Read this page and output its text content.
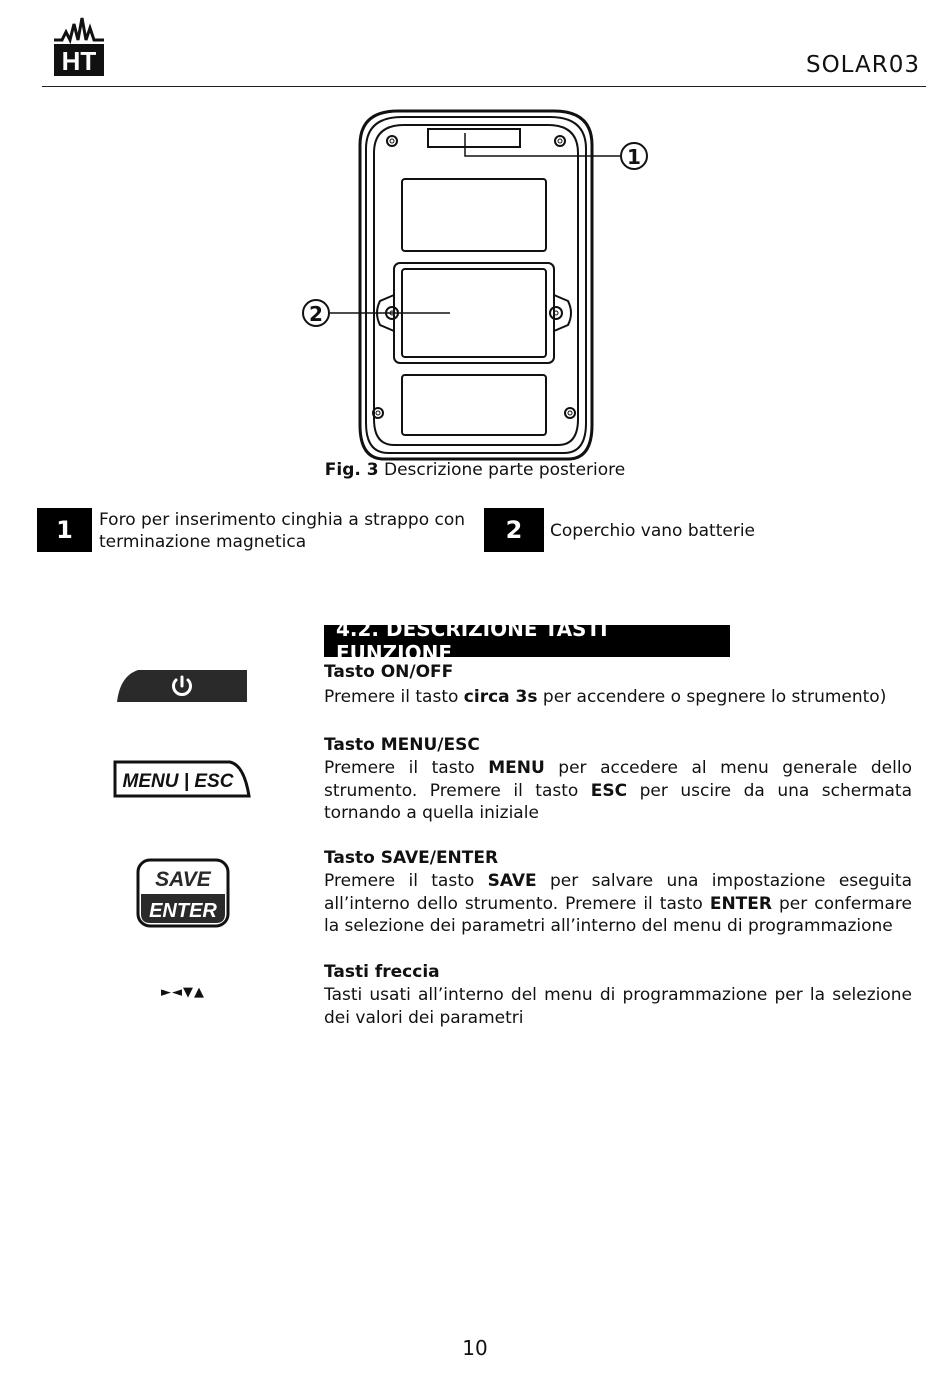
HT	SOLAR03
1
2
Fig. 3 Descrizione parte posteriore
1	Foro per inserimento cinghia a strappo con terminazione magnetica	2	Coperchio vano batterie
4.2. DESCRIZIONE TASTI FUNZIONE
MENU | ESC
SAVE
ENTER
►◄▼▲
Tasto ON/OFF
Premere il tasto circa 3s per accendere o spegnere lo strumento)
Tasto MENU/ESC
Premere il tasto MENU per accedere al menu generale dello strumento. Premere il tasto ESC per uscire da una schermata tornando a quella iniziale
Tasto SAVE/ENTER
Premere il tasto SAVE per salvare una impostazione eseguita all’interno dello strumento. Premere il tasto ENTER per confermare la selezione dei parametri all’interno del menu di programmazione
Tasti freccia
Tasti usati all’interno del menu di programmazione per la selezione dei valori dei parametri
10
